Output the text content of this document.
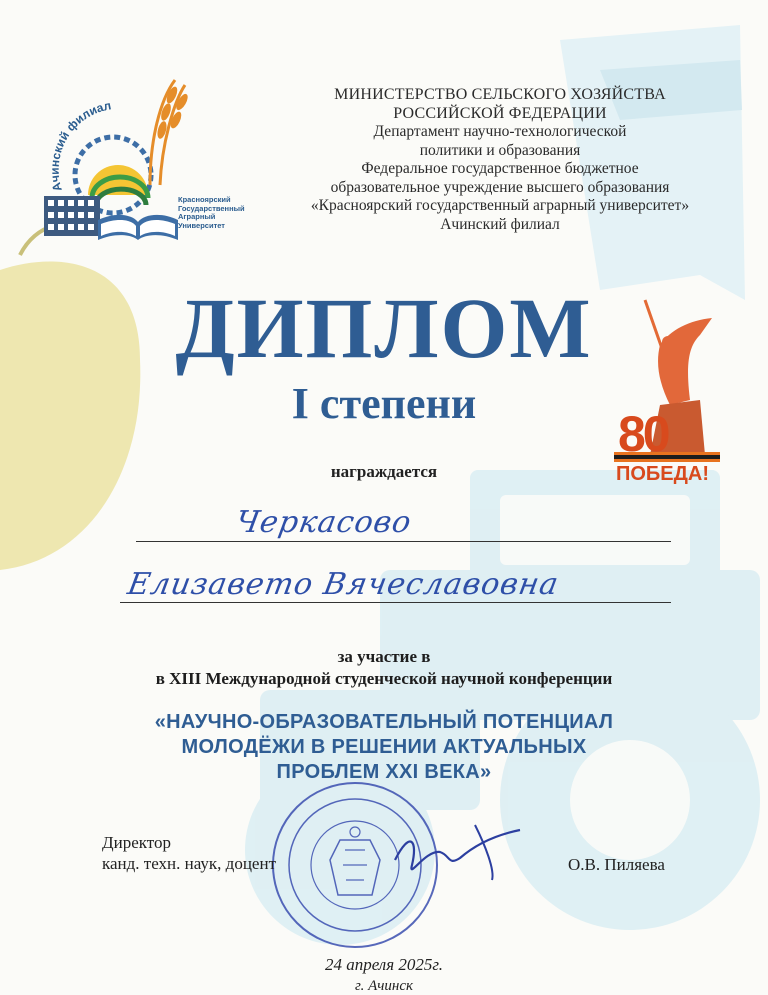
Ачинский филиал
Красноярский
Государственный
Аграрный
Университет
МИНИСТЕРСТВО СЕЛЬСКОГО ХОЗЯЙСТВА
РОССИЙСКОЙ ФЕДЕРАЦИИ
Департамент научно-технологической
политики и образования
Федеральное государственное бюджетное
образовательное учреждение высшего образования
«Красноярский государственный аграрный университет»
Ачинский филиал
80
ПОБЕДА!
ДИПЛОМ
I степени
награждается
Черкасово
Елизавето Вячеславовна
за участие в
в XIII Международной студенческой научной конференции
«НАУЧНО-ОБРАЗОВАТЕЛЬНЫЙ ПОТЕНЦИАЛ
МОЛОДЁЖИ В РЕШЕНИИ АКТУАЛЬНЫХ
ПРОБЛЕМ XXI ВЕКА»
Директор
канд. техн. наук, доцент	О.В. Пиляева
24 апреля 2025г.
г. Ачинск
